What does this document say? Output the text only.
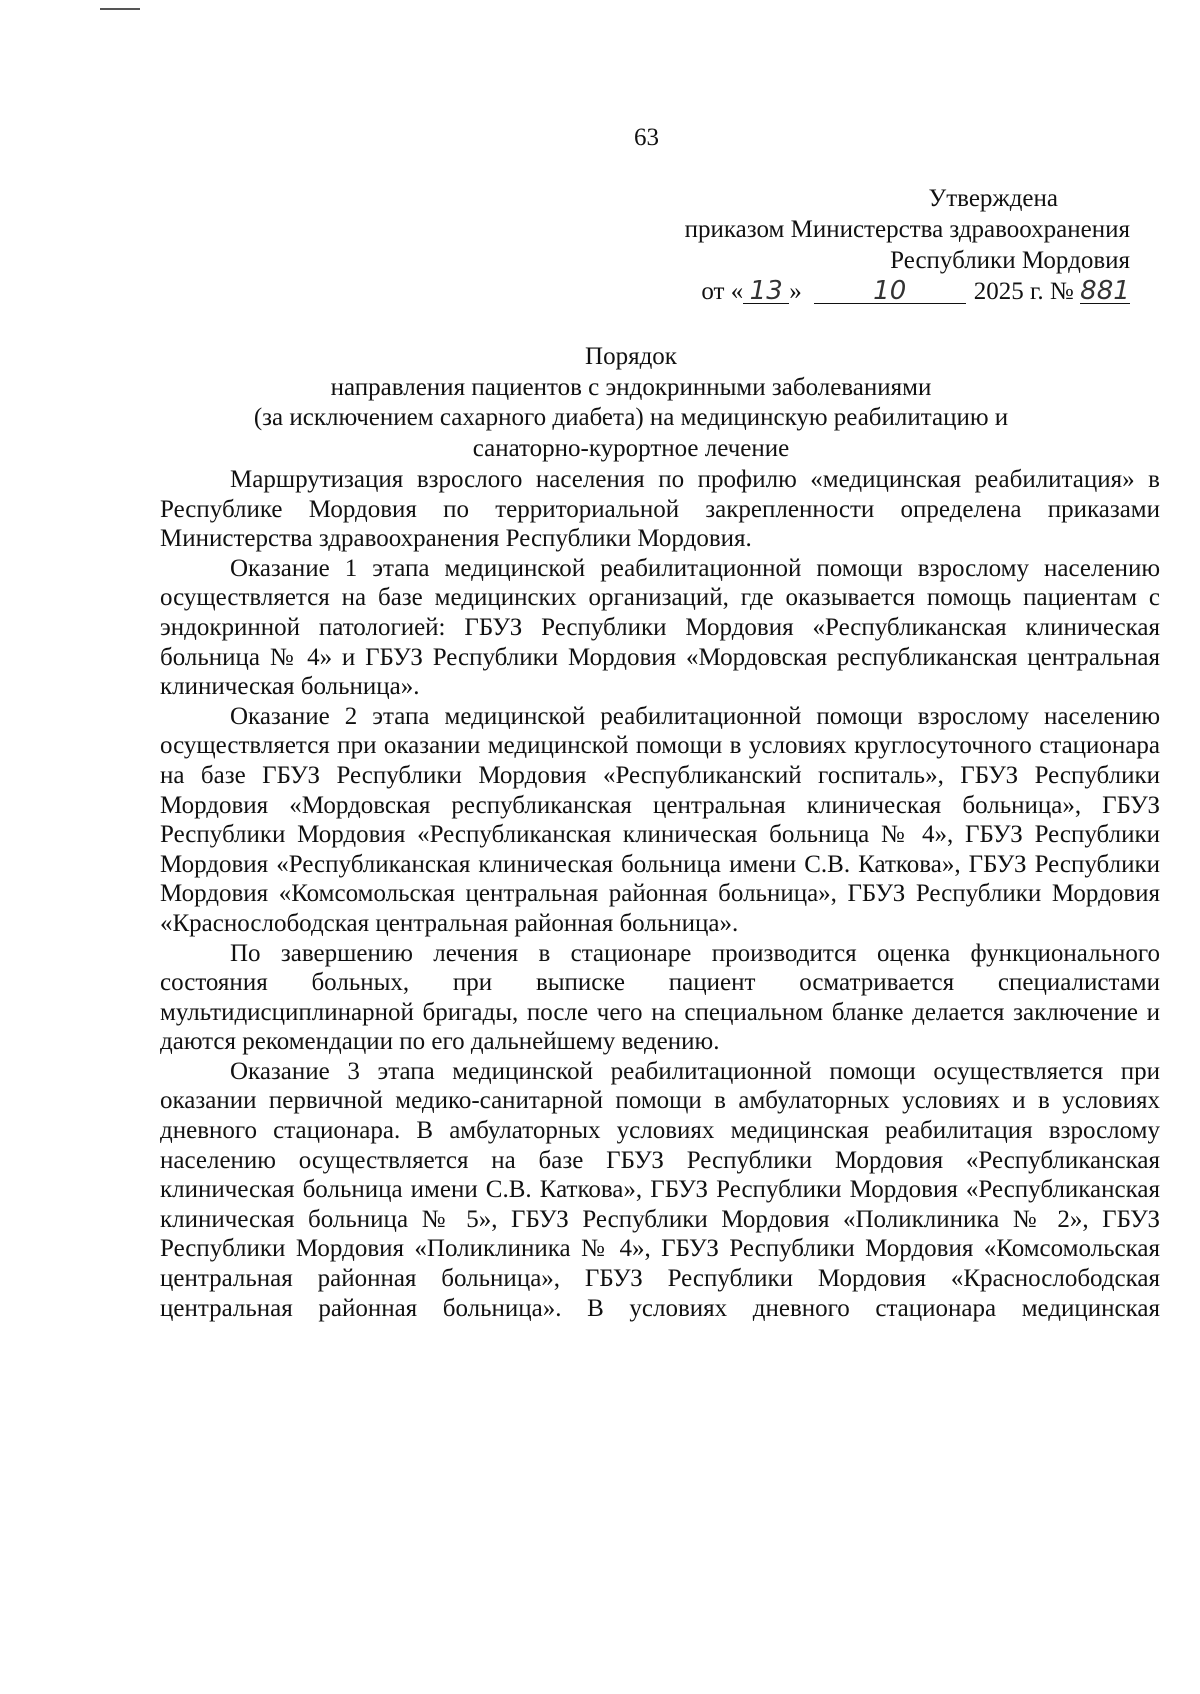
63
Утверждена
приказом Министерства здравоохранения
Республики Мордовия
от « 13 »	10	2025 г. № 881
Порядок
направления пациентов с эндокринными заболеваниями
(за исключением сахарного диабета) на медицинскую реабилитацию и
санаторно-курортное лечение

Маршрутизация взрослого населения по профилю «медицинская реабилитация» в Республике Мордовия по территориальной закрепленности определена приказами Министерства здравоохранения Республики Мордовия.

Оказание 1 этапа медицинской реабилитационной помощи взрослому населению осуществляется на базе медицинских организаций, где оказывается помощь пациентам с эндокринной патологией: ГБУЗ Республики Мордовия «Республиканская клиническая больница № 4» и ГБУЗ Республики Мордовия «Мордовская республиканская центральная клиническая больница».

Оказание 2 этапа медицинской реабилитационной помощи взрослому населению осуществляется при оказании медицинской помощи в условиях круглосуточного стационара на базе ГБУЗ Республики Мордовия «Республиканский госпиталь», ГБУЗ Республики Мордовия «Мордовская республиканская центральная клиническая больница», ГБУЗ Республики Мордовия «Республиканская клиническая больница № 4», ГБУЗ Республики Мордовия «Республиканская клиническая больница имени С.В. Каткова», ГБУЗ Республики Мордовия «Комсомольская центральная районная больница», ГБУЗ Республики Мордовия «Краснослободская центральная районная больница».

По завершению лечения в стационаре производится оценка функционального состояния больных, при выписке пациент осматривается специалистами мультидисциплинарной бригады, после чего на специальном бланке делается заключение и даются рекомендации по его дальнейшему ведению.

Оказание 3 этапа медицинской реабилитационной помощи осуществляется при оказании первичной медико-санитарной помощи в амбулаторных условиях и в условиях дневного стационара. В амбулаторных условиях медицинская реабилитация взрослому населению осуществляется на базе ГБУЗ Республики Мордовия «Республиканская клиническая больница имени С.В. Каткова», ГБУЗ Республики Мордовия «Республиканская клиническая больница № 5», ГБУЗ Республики Мордовия «Поликлиника № 2», ГБУЗ Республики Мордовия «Поликлиника № 4», ГБУЗ Республики Мордовия «Комсомольская центральная районная больница», ГБУЗ Республики Мордовия «Краснослободская центральная районная больница». В условиях дневного стационара медицинская
